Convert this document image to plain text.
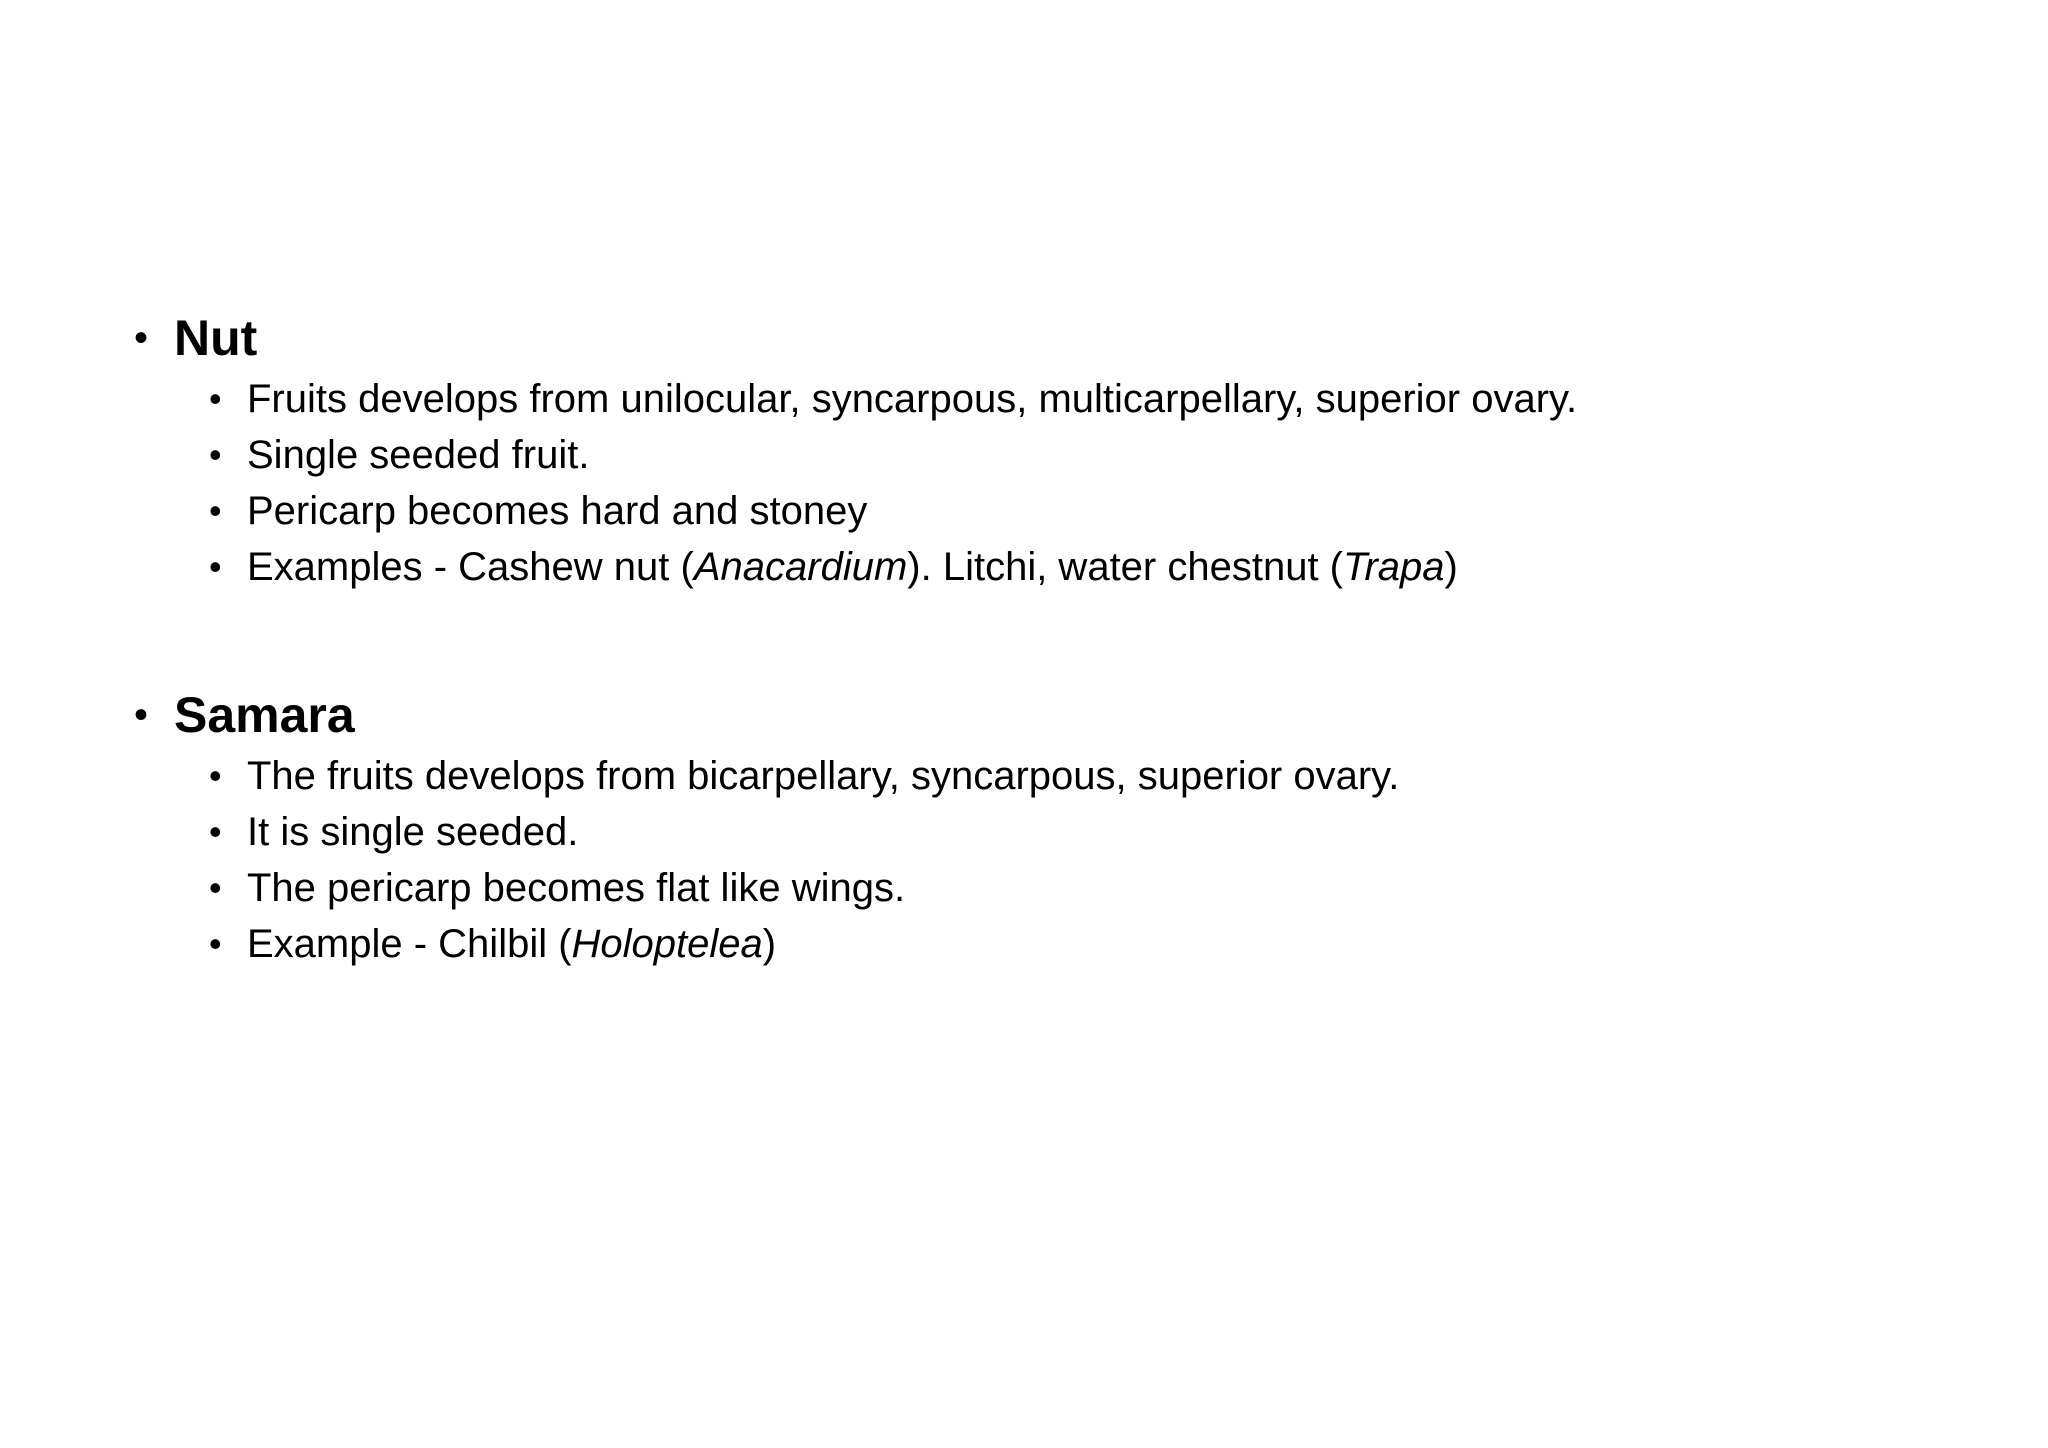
• Nut
• Fruits develops from unilocular, syncarpous, multicarpellary, superior ovary.
• Single seeded fruit.
• Pericarp becomes hard and stoney
• Examples - Cashew nut (Anacardium). Litchi, water chestnut (Trapa)
• Samara
• The fruits develops from bicarpellary, syncarpous, superior ovary.
• It is single seeded.
• The pericarp becomes flat like wings.
• Example - Chilbil (Holoptelea)
